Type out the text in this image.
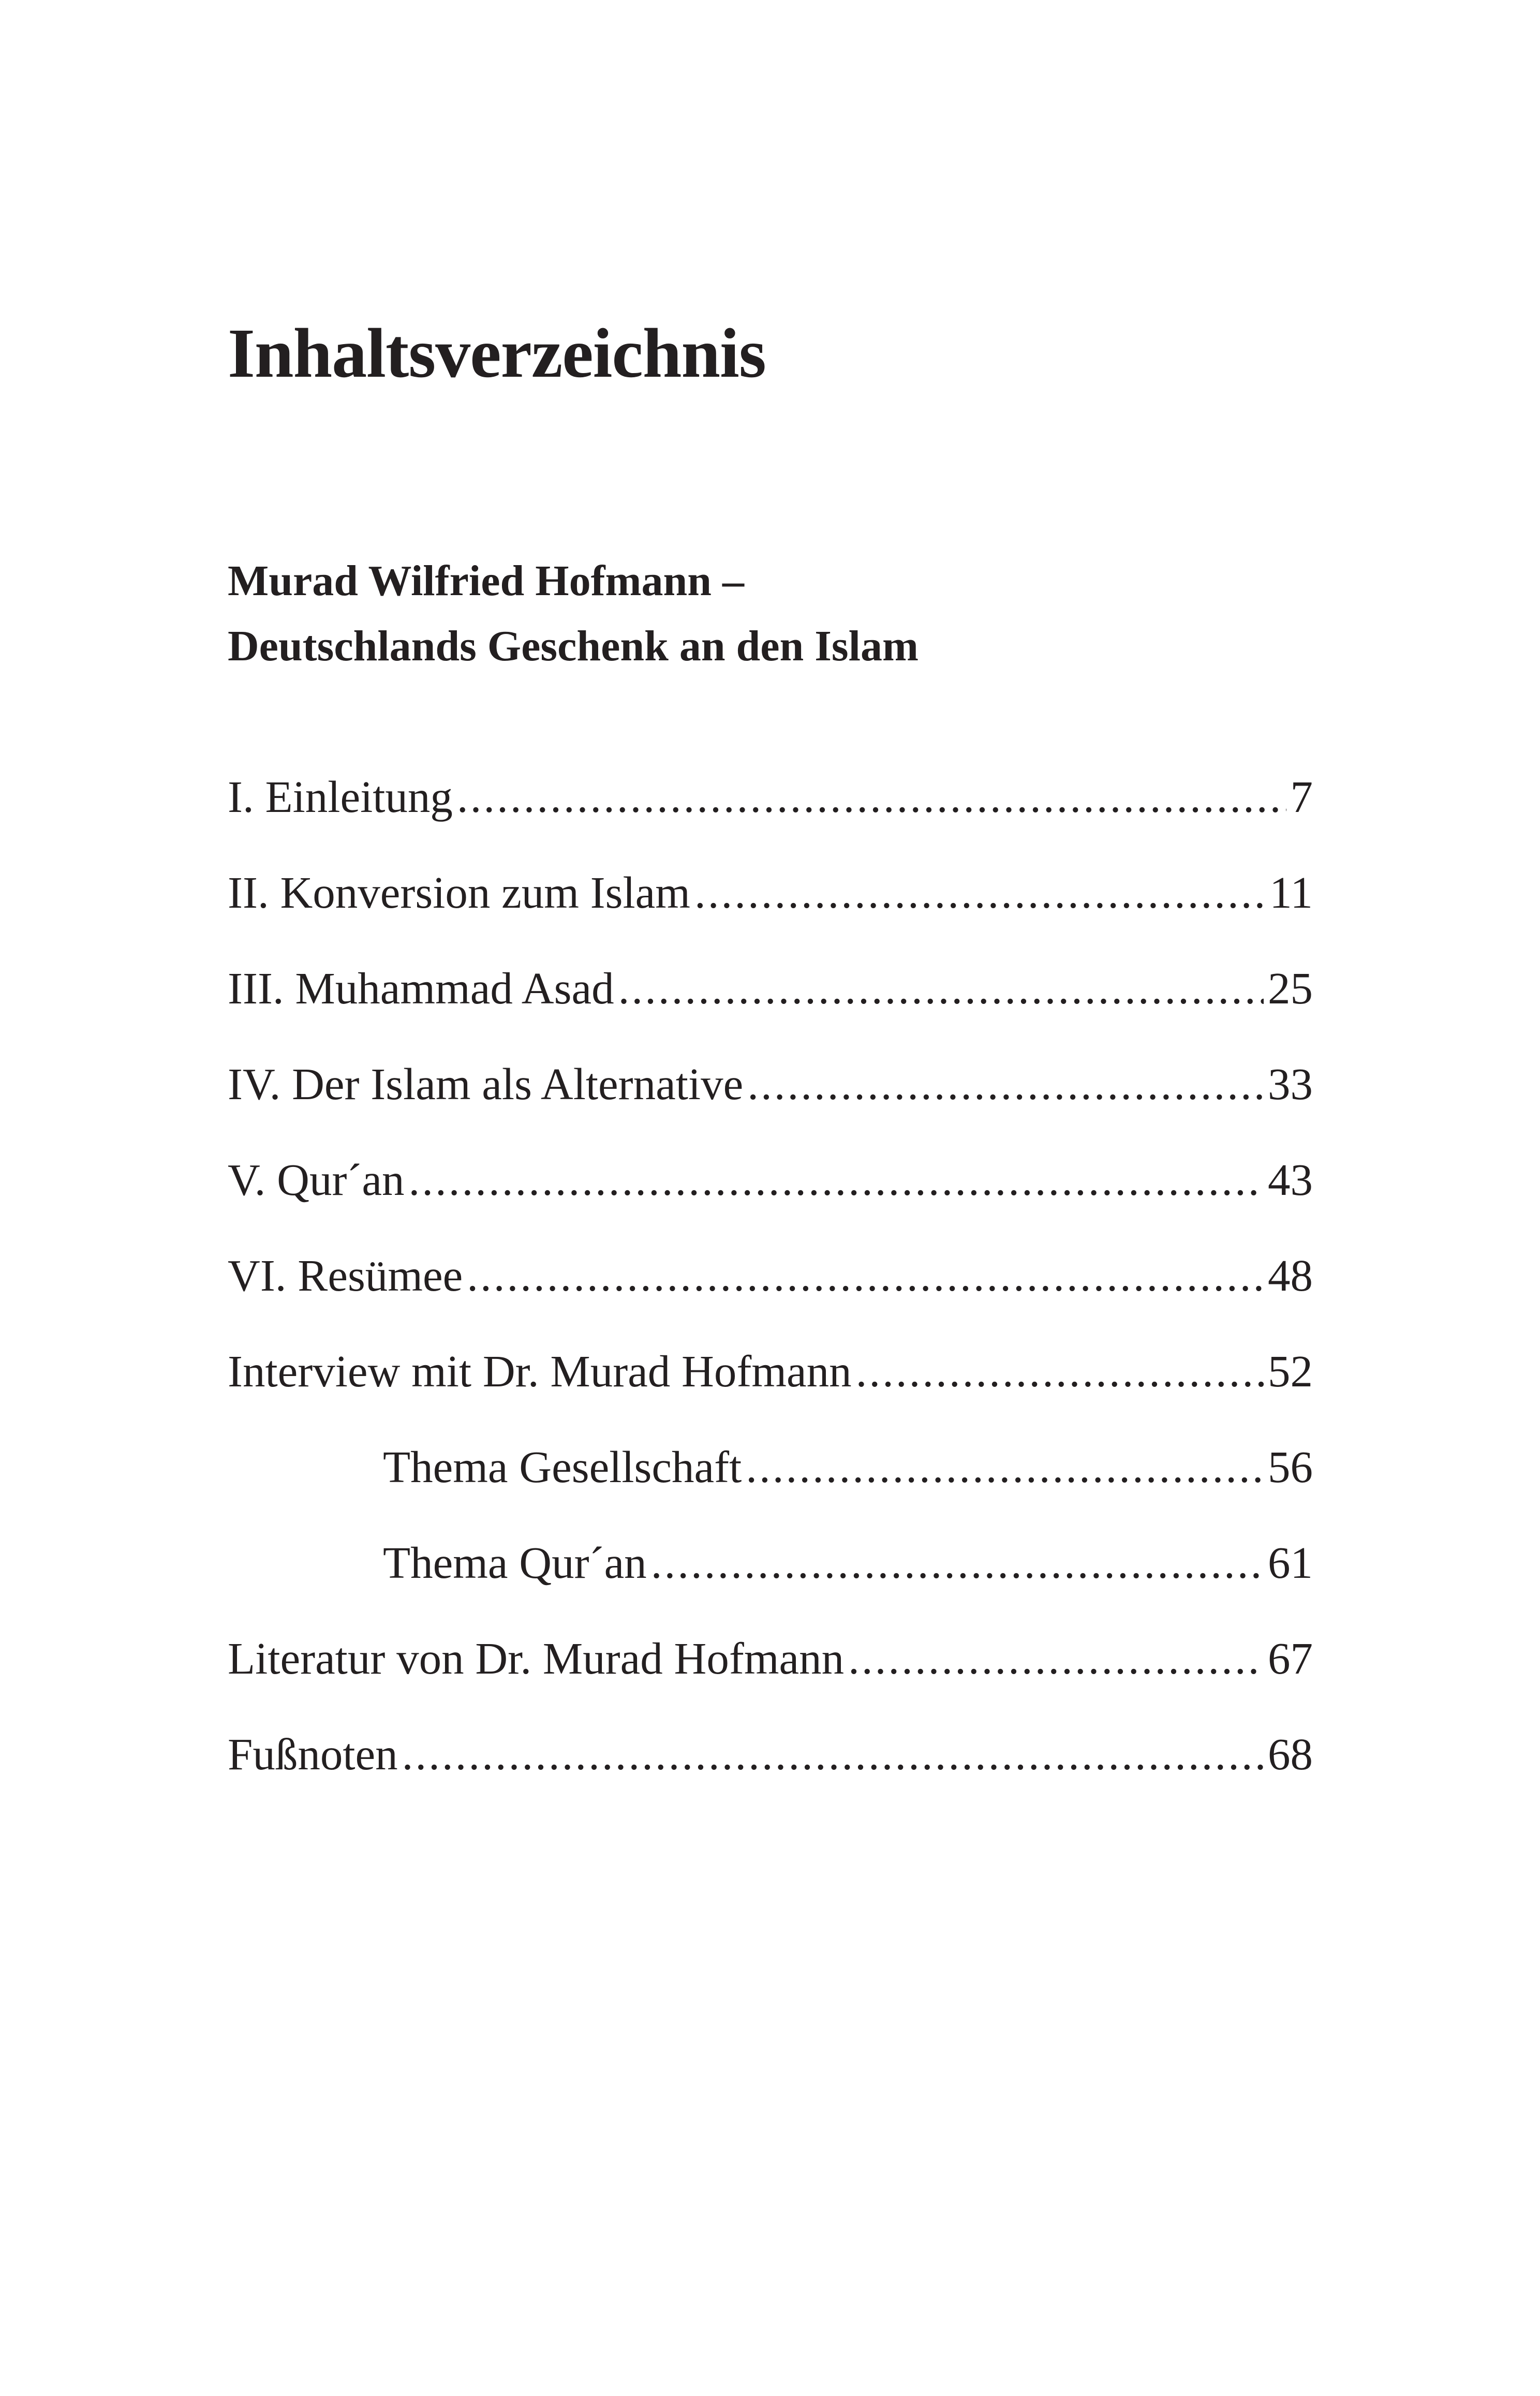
Inhaltsverzeichnis
Murad Wilfried Hofmann –
Deutschlands Geschenk an den Islam
I. Einleitung .....	7
II. Konversion zum Islam .....	11
III. Muhammad Asad .....	25
IV. Der Islam als Alternative .....	33
V. Qur´an .....	43
VI. Resümee .....	48
Interview mit Dr. Murad Hofmann .....	52
Thema Gesellschaft .....	56
Thema Qur´an .....	61
Literatur von Dr. Murad Hofmann .....	67
Fußnoten .....	68
